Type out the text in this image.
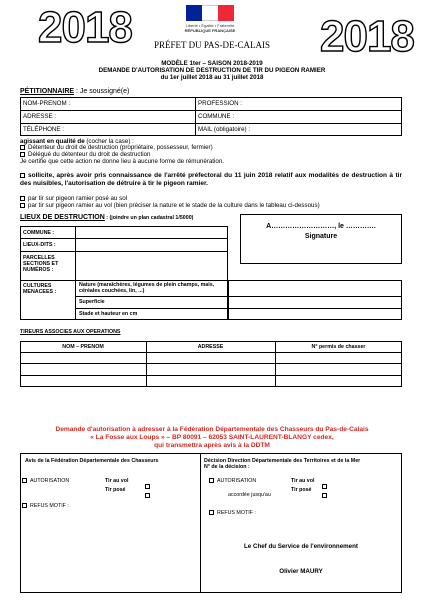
2018	2018
Liberté • Égalité • Fraternité
RÉPUBLIQUE FRANÇAISE
PRÉFET DU PAS-DE-CALAIS
MODÈLE 1ter – SAISON 2018-2019
DEMANDE D'AUTORISATION DE DESTRUCTION DE TIR DU PIGEON RAMIER
du 1er juillet 2018 au 31 juillet 2018
PÉTITIONNAIRE : Je soussigné(e)
NOM-PRENOM :	PROFESSION :
ADRESSE :	COMMUNE :
TÉLÉPHONE :	MAIL (obligatoire) :
agissant en qualité de (cocher la case) :
Détenteur du droit de destruction (propriétaire, possesseur, fermier)
Délégué du détenteur du droit de destruction
Je certifie que cette action ne donne lieu à aucune forme de rémunération.
sollicite, après avoir pris connaissance de l'arrêté préfectoral du 11 juin 2018 relatif aux modalités de destruction à tir des nuisibles, l'autorisation de détruire à tir le pigeon ramier.
par tir sur pigeon ramier posé au sol
par tir sur pigeon ramier au vol (bien préciser la nature et le stade de la culture dans le tableau ci-dessous)
LIEUX DE DESTRUCTION : (joindre un plan cadastral 1/5000)
COMMUNE :
LIEUX-DITS :
PARCELLES SECTIONS ET NUMÉROS :
CULTURES MENACEES :
Nature (maraîchères, légumes de plein champs, maïs, céréales couchées, lin, ...)
Superficie
Stade et hauteur en cm
A………………………, le ………….
Signature
TIREURS ASSOCIES AUX OPERATIONS
NOM – PRENOM	ADRESSE	N° permis de chasser
Demande d'autorisation à adresser à la Fédération Départementale des Chasseurs du Pas-de-Calais
« La Fosse aux Loups » – BP 80091 – 62053 SAINT-LAURENT-BLANGY cedex,
qui transmettra après avis à la DDTM
Avis de la Fédération Départementale des Chasseurs
AUTORISATION	Tir au vol
Tir posé
REFUS MOTIF :
Décision Direction Départementale des Territoires et de la Mer
N° de la décision :
AUTORISATION	Tir au vol
Tir posé
accordée jusqu'au
REFUS MOTIF :
Le Chef du Service de l'environnement
Olivier MAURY
